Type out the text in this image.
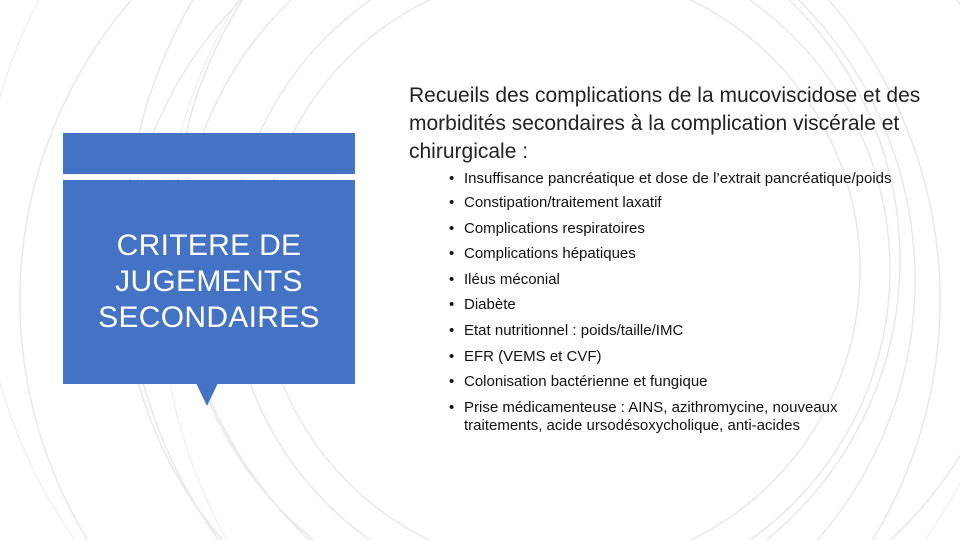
CRITERE DE
JUGEMENTS
SECONDAIRES
Recueils des complications de la mucoviscidose et des morbidités secondaires à la complication viscérale et chirurgicale :
• Insuffisance pancréatique et dose de l’extrait pancréatique/poids
• Constipation/traitement laxatif
• Complications respiratoires
• Complications hépatiques
• Iléus méconial
• Diabète
• Etat nutritionnel : poids/taille/IMC
• EFR (VEMS et CVF)
• Colonisation bactérienne et fungique
• Prise médicamenteuse : AINS, azithromycine, nouveaux traitements, acide ursodésoxycholique, anti-acides
